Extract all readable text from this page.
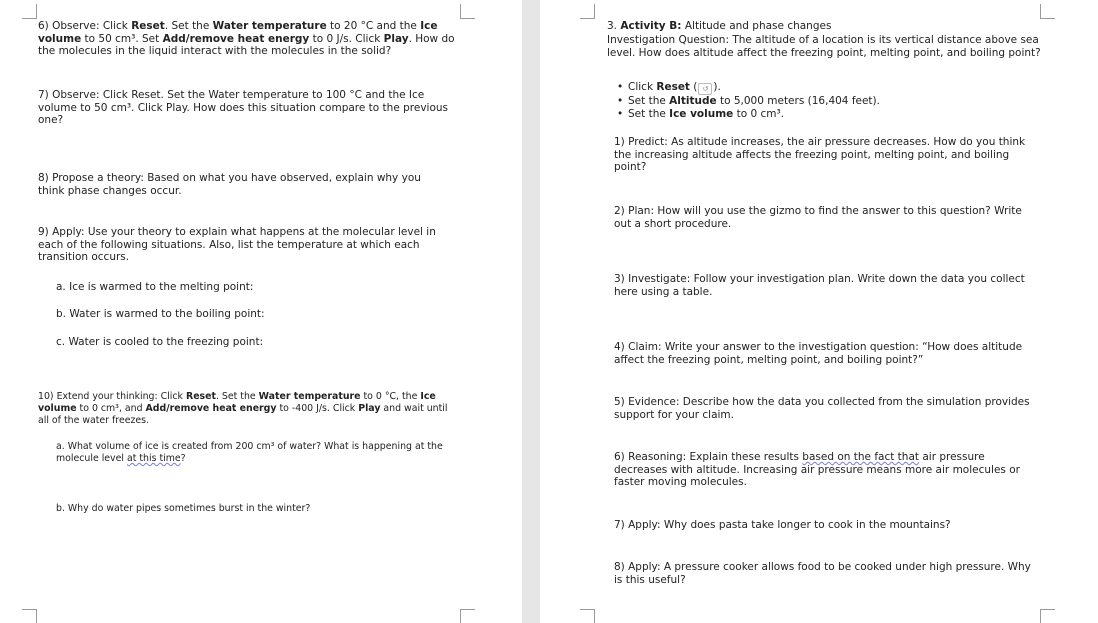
6) Observe: Click Reset. Set the Water temperature to 20 °C and the Ice volume to 50 cm³. Set Add/remove heat energy to 0 J/s. Click Play. How do the molecules in the liquid interact with the molecules in the solid?

7) Observe: Click Reset. Set the Water temperature to 100 °C and the Ice volume to 50 cm³. Click Play. How does this situation compare to the previous one?

8) Propose a theory: Based on what you have observed, explain why you think phase changes occur.

9) Apply: Use your theory to explain what happens at the molecular level in each of the following situations. Also, list the temperature at which each transition occurs.

a. Ice is warmed to the melting point:

b. Water is warmed to the boiling point:

c. Water is cooled to the freezing point:

10) Extend your thinking: Click Reset. Set the Water temperature to 0 °C, the Ice volume to 0 cm³, and Add/remove heat energy to -400 J/s. Click Play and wait until all of the water freezes.

a. What volume of ice is created from 200 cm³ of water? What is happening at the molecule level at this time?

b. Why do water pipes sometimes burst in the winter?

3. Activity B: Altitude and phase changes

Investigation Question: The altitude of a location is its vertical distance above sea level. How does altitude affect the freezing point, melting point, and boiling point?

• Click Reset ( ↺ ).
• Set the Altitude to 5,000 meters (16,404 feet).
• Set the Ice volume to 0 cm³.

1) Predict: As altitude increases, the air pressure decreases. How do you think the increasing altitude affects the freezing point, melting point, and boiling point?

2) Plan: How will you use the gizmo to find the answer to this question? Write out a short procedure.

3) Investigate: Follow your investigation plan. Write down the data you collect here using a table.

4) Claim: Write your answer to the investigation question: “How does altitude affect the freezing point, melting point, and boiling point?”

5) Evidence: Describe how the data you collected from the simulation provides support for your claim.

6) Reasoning: Explain these results based on the fact that air pressure decreases with altitude. Increasing air pressure means more air molecules or faster moving molecules.

7) Apply: Why does pasta take longer to cook in the mountains?

8) Apply: A pressure cooker allows food to be cooked under high pressure. Why is this useful?
